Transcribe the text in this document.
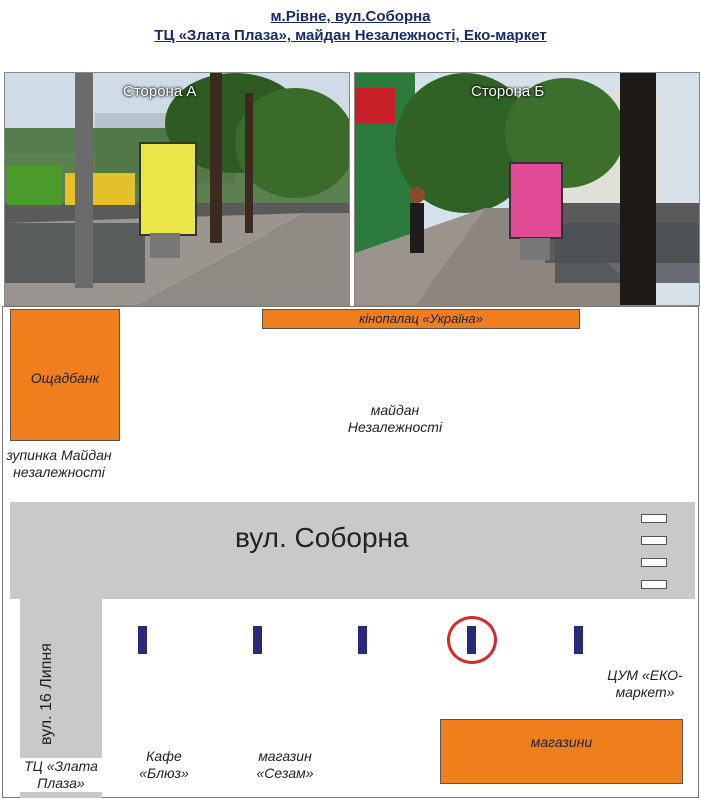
м.Рівне, вул.Соборна
ТЦ «Злата Плаза», майдан Незалежності, Еко-маркет
Сторона А	Сторона Б
кінопалац «Україна»
Ощадбанк
майдан Незалежності
зупинка Майдан незалежності
вул. Соборна
вул. 16 Липня	ЦУМ «ЕКО-маркет»
магазини
Кафе «Блюз»
магазин «Сезам»
ТЦ «Злата Плаза»
